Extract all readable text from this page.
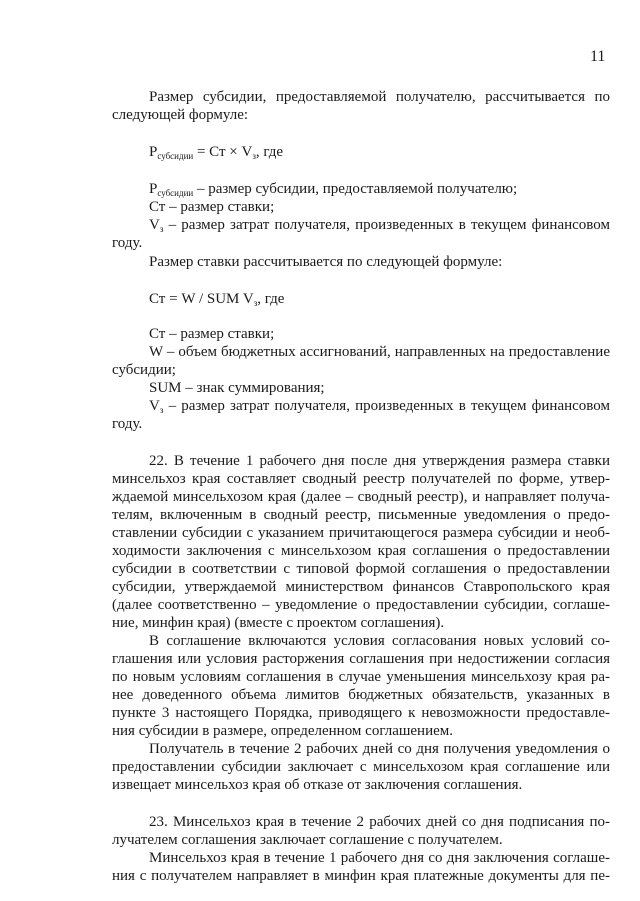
11
Размер субсидии, предоставляемой получателю, рассчитывается по
следующей формуле:
$P_{субсидии}$ = Ст × $V_з$, где
$P_{субсидии}$ – размер субсидии, предоставляемой получателю;
Ст – размер ставки;
$V_з$ – размер затрат получателя, произведенных в текущем финансовом
году.
Размер ставки рассчитывается по следующей формуле:
Ст = W / SUM $V_з$, где
Ст – размер ставки;
W – объем бюджетных ассигнований, направленных на предоставление
субсидии;
SUM – знак суммирования;
$V_з$ – размер затрат получателя, произведенных в текущем финансовом
году.
22. В течение 1 рабочего дня после дня утверждения размера ставки
минсельхоз края составляет сводный реестр получателей по форме, утвер-
ждаемой минсельхозом края (далее – сводный реестр), и направляет получа-
телям, включенным в сводный реестр, письменные уведомления о предо-
ставлении субсидии с указанием причитающегося размера субсидии и необ-
ходимости заключения с минсельхозом края соглашения о предоставлении
субсидии в соответствии с типовой формой соглашения о предоставлении
субсидии, утверждаемой министерством финансов Ставропольского края
(далее соответственно – уведомление о предоставлении субсидии, соглаше-
ние, минфин края) (вместе с проектом соглашения).
В соглашение включаются условия согласования новых условий со-
глашения или условия расторжения соглашения при недостижении согласия
по новым условиям соглашения в случае уменьшения минсельхозу края ра-
нее доведенного объема лимитов бюджетных обязательств, указанных в
пункте 3 настоящего Порядка, приводящего к невозможности предоставле-
ния субсидии в размере, определенном соглашением.
Получатель в течение 2 рабочих дней со дня получения уведомления о
предоставлении субсидии заключает с минсельхозом края соглашение или
извещает минсельхоз края об отказе от заключения соглашения.
23. Минсельхоз края в течение 2 рабочих дней со дня подписания по-
лучателем соглашения заключает соглашение с получателем.
Минсельхоз края в течение 1 рабочего дня со дня заключения соглаше-
ния с получателем направляет в минфин края платежные документы для пе-
